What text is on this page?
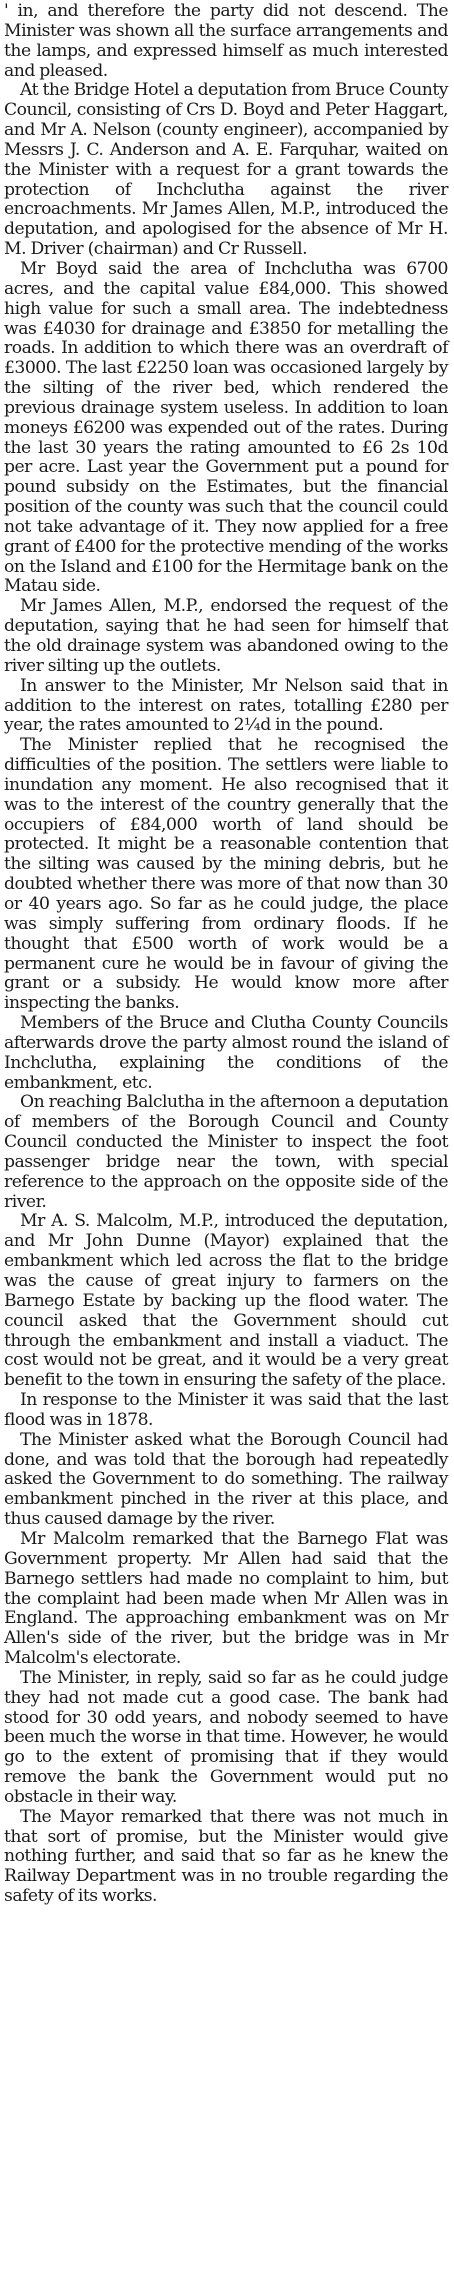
' in, and therefore the party did not descend. The Minister was shown all the surface arrangements and the lamps, and expressed himself as much interested and pleased.

At the Bridge Hotel a deputation from Bruce County Council, consisting of Crs D. Boyd and Peter Haggart, and Mr A. Nelson (county engineer), accompanied by Messrs J. C. Anderson and A. E. Farquhar, waited on the Minister with a request for a grant towards the protection of Inchclutha against the river encroachments. Mr James Allen, M.P., introduced the deputation, and apologised for the absence of Mr H. M. Driver (chairman) and Cr Russell.

Mr Boyd said the area of Inchclutha was 6700 acres, and the capital value £84,000. This showed high value for such a small area. The indebtedness was £4030 for drainage and £3850 for metalling the roads. In addition to which there was an overdraft of £3000. The last £2250 loan was occasioned largely by the silting of the river bed, which rendered the previous drainage system useless. In addition to loan moneys £6200 was expended out of the rates. During the last 30 years the rating amounted to £6 2s 10d per acre. Last year the Government put a pound for pound subsidy on the Estimates, but the financial position of the county was such that the council could not take advantage of it. They now applied for a free grant of £400 for the protective mending of the works on the Island and £100 for the Hermitage bank on the Matau side.

Mr James Allen, M.P., endorsed the request of the deputation, saying that he had seen for himself that the old drainage system was abandoned owing to the river silting up the outlets.

In answer to the Minister, Mr Nelson said that in addition to the interest on rates, totalling £280 per year, the rates amounted to 2¼d in the pound.

The Minister replied that he recognised the difficulties of the position. The settlers were liable to inundation any moment. He also recognised that it was to the interest of the country generally that the occupiers of £84,000 worth of land should be protected. It might be a reasonable contention that the silting was caused by the mining debris, but he doubted whether there was more of that now than 30 or 40 years ago. So far as he could judge, the place was simply suffering from ordinary floods. If he thought that £500 worth of work would be a permanent cure he would be in favour of giving the grant or a subsidy. He would know more after inspecting the banks.

Members of the Bruce and Clutha County Councils afterwards drove the party almost round the island of Inchclutha, explaining the conditions of the embankment, etc.

On reaching Balclutha in the afternoon a deputation of members of the Borough Council and County Council conducted the Minister to inspect the foot passenger bridge near the town, with special reference to the approach on the opposite side of the river.

Mr A. S. Malcolm, M.P., introduced the deputation, and Mr John Dunne (Mayor) explained that the embankment which led across the flat to the bridge was the cause of great injury to farmers on the Barnego Estate by backing up the flood water. The council asked that the Government should cut through the embankment and install a viaduct. The cost would not be great, and it would be a very great benefit to the town in ensuring the safety of the place.

In response to the Minister it was said that the last flood was in 1878.

The Minister asked what the Borough Council had done, and was told that the borough had repeatedly asked the Government to do something. The railway embankment pinched in the river at this place, and thus caused damage by the river.

Mr Malcolm remarked that the Barnego Flat was Government property. Mr Allen had said that the Barnego settlers had made no complaint to him, but the complaint had been made when Mr Allen was in England. The approaching embankment was on Mr Allen's side of the river, but the bridge was in Mr Malcolm's electorate.

The Minister, in reply, said so far as he could judge they had not made cut a good case. The bank had stood for 30 odd years, and nobody seemed to have been much the worse in that time. However, he would go to the extent of promising that if they would remove the bank the Government would put no obstacle in their way.

The Mayor remarked that there was not much in that sort of promise, but the Minister would give nothing further, and said that so far as he knew the Railway Department was in no trouble regarding the safety of its works.
